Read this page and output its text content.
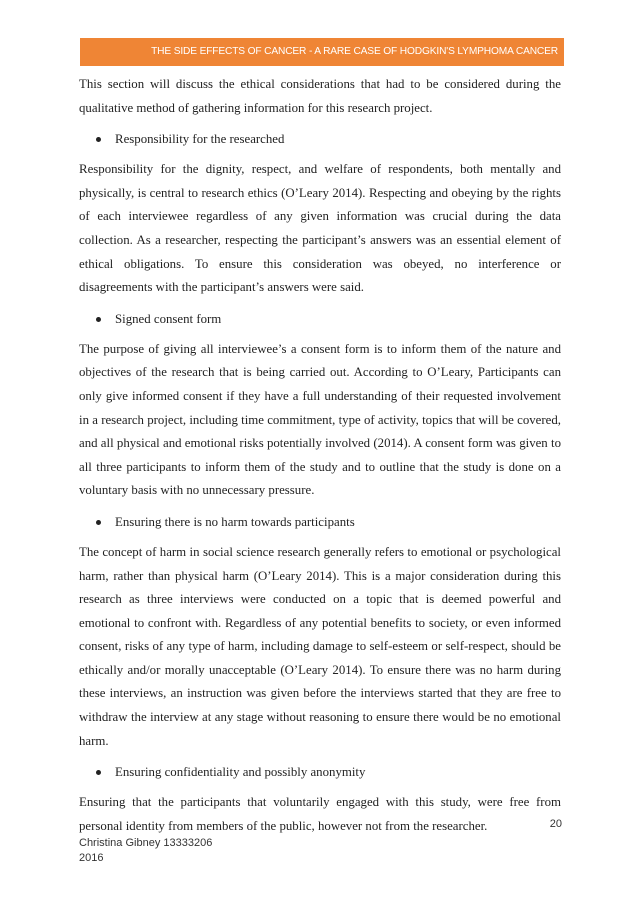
THE SIDE EFFECTS OF CANCER - A RARE CASE OF HODGKIN'S LYMPHOMA CANCER

This section will discuss the ethical considerations that had to be considered during the qualitative method of gathering information for this research project.

Responsibility for the researched

Responsibility for the dignity, respect, and welfare of respondents, both mentally and physically, is central to research ethics (O’Leary 2014). Respecting and obeying by the rights of each interviewee regardless of any given information was crucial during the data collection. As a researcher, respecting the participant’s answers was an essential element of ethical obligations. To ensure this consideration was obeyed, no interference or disagreements with the participant’s answers were said.

Signed consent form

The purpose of giving all interviewee’s a consent form is to inform them of the nature and objectives of the research that is being carried out. According to O’Leary, Participants can only give informed consent if they have a full understanding of their requested involvement in a research project, including time commitment, type of activity, topics that will be covered, and all physical and emotional risks potentially involved (2014). A consent form was given to all three participants to inform them of the study and to outline that the study is done on a voluntary basis with no unnecessary pressure.

Ensuring there is no harm towards participants

The concept of harm in social science research generally refers to emotional or psychological harm, rather than physical harm (O’Leary 2014). This is a major consideration during this research as three interviews were conducted on a topic that is deemed powerful and emotional to confront with. Regardless of any potential benefits to society, or even informed consent, risks of any type of harm, including damage to self-esteem or self-respect, should be ethically and/or morally unacceptable (O’Leary 2014). To ensure there was no harm during these interviews, an instruction was given before the interviews started that they are free to withdraw the interview at any stage without reasoning to ensure there would be no emotional harm.

Ensuring confidentiality and possibly anonymity

Ensuring that the participants that voluntarily engaged with this study, were free from personal identity from members of the public, however not from the researcher.	20
Christina Gibney 13333206
2016
